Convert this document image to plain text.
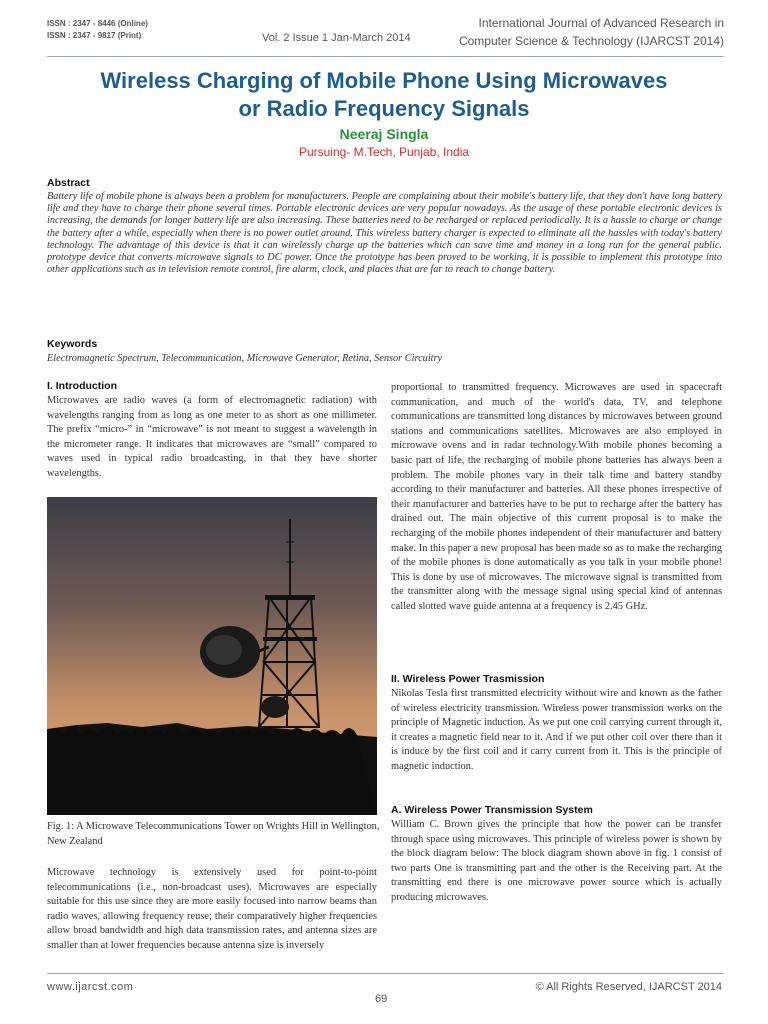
ISSN : 2347 - 8446 (Online)
ISSN : 2347 - 9817 (Print)	Vol. 2 Issue 1 Jan-March 2014
International Journal of Advanced Research in
Computer Science & Technology (IJARCST 2014)
Wireless Charging of Mobile Phone Using Microwaves
or Radio Frequency Signals
Neeraj Singla
Pursuing- M.Tech, Punjab, India
Abstract

Battery life of mobile phone is always been a problem for manufacturers. People are complaining about their mobile's battery life, that they don't have long battery life and they have to charge their phone several times. Portable electronic devices are very popular nowadays. As the usage of these portable electronic devices is increasing, the demands for longer battery life are also increasing. These batteries need to be recharged or replaced periodically. It is a hassle to charge or change the battery after a while, especially when there is no power outlet around. This wireless battery charger is expected to eliminate all the hassles with today's battery technology. The advantage of this device is that it can wirelessly charge up the batteries which can save time and money in a long run for the general public. prototype device that converts microwave signals to DC power. Once the prototype has been proved to be working, it is possible to implement this prototype into other applications such as in television remote control, fire alarm, clock, and places that are far to reach to change battery.

Keywords

Electromagnetic Spectrum, Telecommunication, Microwave Generator, Retina, Sensor Circuitry

I. Introduction

Microwaves are radio waves (a form of electromagnetic radiation) with wavelengths ranging from as long as one meter to as short as one millimeter. The prefix “micro-” in “microwave” is not meant to suggest a wavelength in the micrometer range. It indicates that microwaves are “small” compared to waves used in typical radio broadcasting, in that they have shorter wavelengths.

Fig. 1: A Microwave Telecommunications Tower on Wrights Hill in Wellington, New Zealand

Microwave technology is extensively used for point-to-point telecommunications (i.e., non-broadcast uses). Microwaves are especially suitable for this use since they are more easily focused into narrow beams than radio waves, allowing frequency reuse; their comparatively higher frequencies allow broad bandwidth and high data transmission rates, and antenna sizes are smaller than at lower frequencies because antenna size is inversely

proportional to transmitted frequency. Microwaves are used in spacecraft communication, and much of the world's data, TV, and telephone communications are transmitted long distances by microwaves between ground stations and communications satellites. Microwaves are also employed in microwave ovens and in radar technology.With mobile phones becoming a basic part of life, the recharging of mobile phone batteries has always been a problem. The mobile phones vary in their talk time and battery standby according to their manufacturer and batteries. All these phones irrespective of their manufacturer and batteries have to be put to recharge after the battery has drained out. The main objective of this current proposal is to make the recharging of the mobile phones independent of their manufacturer and battery make. In this paper a new proposal has been made so as to make the recharging of the mobile phones is done automatically as you talk in your mobile phone! This is done by use of microwaves. The microwave signal is transmitted from the transmitter along with the message signal using special kind of antennas called slotted wave guide antenna at a frequency is 2.45 GHz.

II. Wireless Power Trasmission

Nikolas Tesla first transmitted electricity without wire and known as the father of wireless electricity transmission. Wireless power transmission works on the principle of Magnetic induction. As we put one coil carrying current through it, it creates a magnetic field near to it. And if we put other coil over there than it is induce by the first coil and it carry current from it. This is the principle of magnetic induction.

A. Wireless Power Transmission System

William C. Brown gives the principle that how the power can be transfer through space using microwaves. This principle of wireless power is shown by the block diagram below: The block diagram shown above in fig. 1 consist of two parts One is transmitting part and the other is the Receiving part. At the transmitting end there is one microwave power source which is actually producing microwaves.

www.ijarcst.com
69
© All Rights Reserved, IJARCST 2014
